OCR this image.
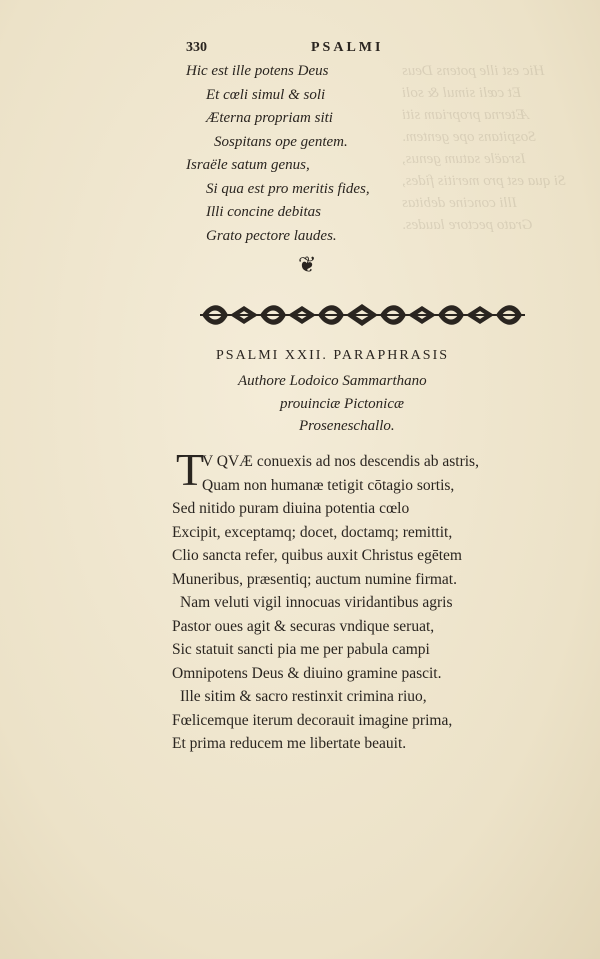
Hic est ille potens Deus
Et cœli simul & soli
Æterna propriam siti
Sospitans ope gentem.
Israële satum genus,
Si qua est pro meritis fides,
Illi concine debitas
Grato pectore laudes.
330	PSALMI
Hic est ille potens Deus
Et cœli simul & soli
Æterna propriam siti
Sospitans ope gentem.
Israële satum genus,
Si qua est pro meritis fides,
Illi concine debitas
Grato pectore laudes.
❦
PSALMI XXII. PARAPHRASIS
Authore Lodoico Sammarthano
prouinciæ Pictonicæ
Proseneschallo.
T
V QVÆ conuexis ad nos descendis ab astris,
Quam non humanæ tetigit cōtagio sortis,
Sed nitido puram diuina potentia cœlo
Excipit, exceptamq; docet, doctamq; remittit,
Clio sancta refer, quibus auxit Christus egētem
Muneribus, præsentiq; auctum numine firmat.
Nam veluti vigil innocuas viridantibus agris
Pastor oues agit & securas vndique seruat,
Sic statuit sancti pia me per pabula campi
Omnipotens Deus & diuino gramine pascit.
Ille sitim & sacro restinxit crimina riuo,
Fœlicemque iterum decorauit imagine prima,
Et prima reducem me libertate beauit.
